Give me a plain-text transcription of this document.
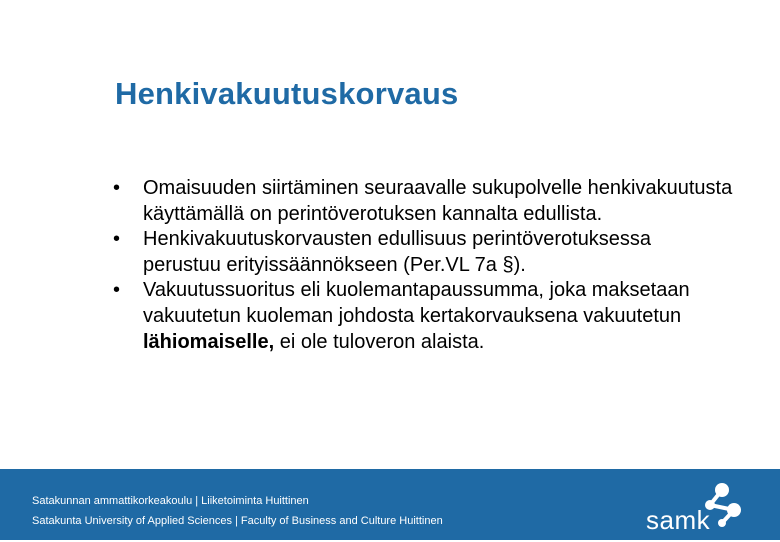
Henkivakuutuskorvaus
• Omaisuuden siirtäminen seuraavalle sukupolvelle henkivakuutusta käyttämällä on perintöverotuksen kannalta edullista.
• Henkivakuutuskorvausten edullisuus perintöverotuksessa perustuu erityissäännökseen (Per.VL 7a §).
• Vakuutussuoritus eli kuolemantapaussumma, joka maksetaan vakuutetun kuoleman johdosta kertakorvauksena vakuutetun lähiomaiselle, ei ole tuloveron alaista.
Satakunnan ammattikorkeakoulu | Liiketoiminta Huittinen
Satakunta University of Applied Sciences | Faculty of Business and Culture Huittinen	samk
